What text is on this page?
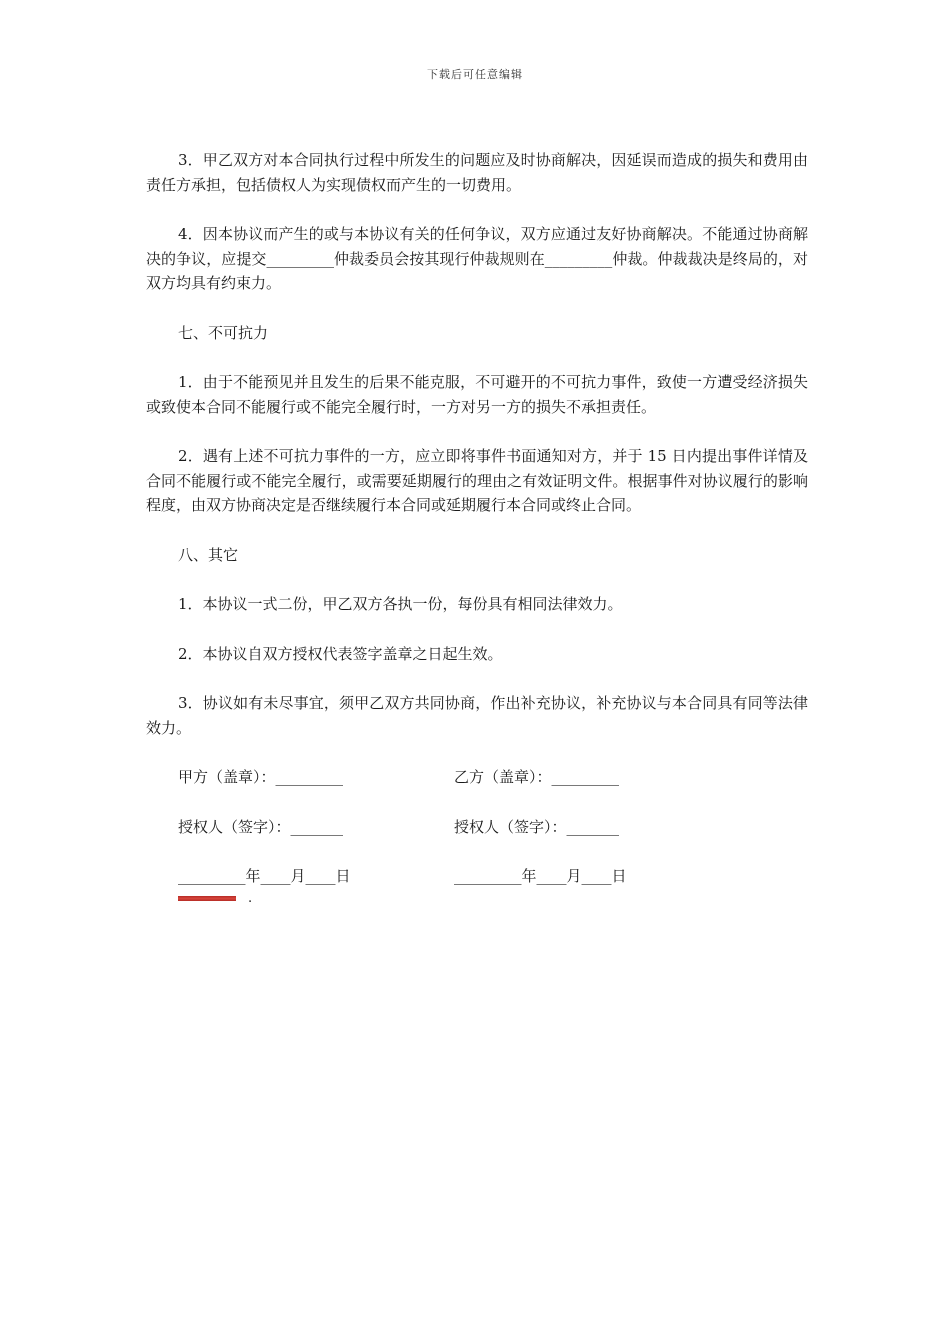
下载后可任意编辑

3．甲乙双方对本合同执行过程中所发生的问题应及时协商解决，因延误而造成的损失和费用由责任方承担，包括债权人为实现债权而产生的一切费用。

4．因本协议而产生的或与本协议有关的任何争议，双方应通过友好协商解决。不能通过协商解决的争议，应提交_________仲裁委员会按其现行仲裁规则在_________仲裁。仲裁裁决是终局的，对双方均具有约束力。

七、不可抗力

1．由于不能预见并且发生的后果不能克服，不可避开的不可抗力事件，致使一方遭受经济损失或致使本合同不能履行或不能完全履行时，一方对另一方的损失不承担责任。

2．遇有上述不可抗力事件的一方，应立即将事件书面通知对方，并于 15 日内提出事件详情及合同不能履行或不能完全履行，或需要延期履行的理由之有效证明文件。根据事件对协议履行的影响程度，由双方协商决定是否继续履行本合同或延期履行本合同或终止合同。

八、其它

1．本协议一式二份，甲乙双方各执一份，每份具有相同法律效力。

2．本协议自双方授权代表签字盖章之日起生效。

3．协议如有未尽事宜，须甲乙双方共同协商，作出补充协议，补充协议与本合同具有同等法律效力。

甲方（盖章）：_________	乙方（盖章）：_________
授权人（签字）：_______	授权人（签字）：_______
_________年____月____日	_________年____月____日
.
